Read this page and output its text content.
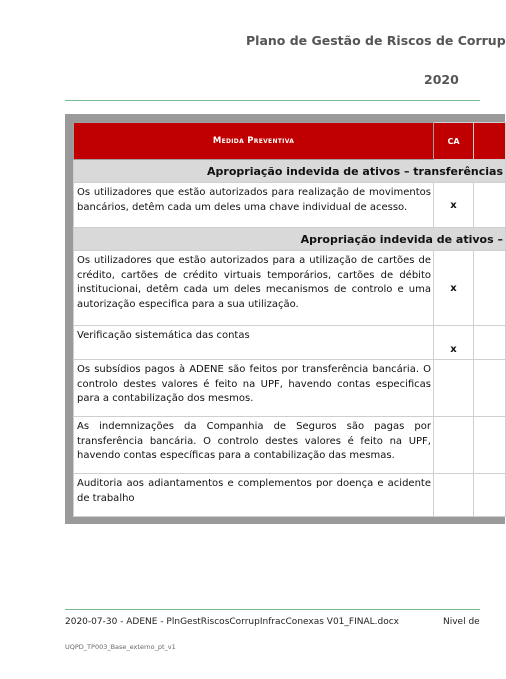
Plano de Gestão de Riscos de Corrup
2020
Medida Preventiva	CA	
Apropriação indevida de ativos – transferências		
Os utilizadores que estão autorizados para realização de movimentos bancários, detêm cada um deles uma chave individual de acesso.	x	
Apropriação indevida de ativos –		
Os utilizadores que estão autorizados para a utilização de cartões de crédito, cartões de crédito virtuais temporários, cartões de débito institucionai, detêm cada um deles mecanismos de controlo e uma autorização especifica para a sua utilização.	x	
Verificação sistemática das contas	x	
Os subsídios pagos à ADENE são feitos por transferência bancária. O controlo destes valores é feito na UPF, havendo contas especificas para a contabilização dos mesmos.		
As indemnizações da Companhia de Seguros são pagas por transferência bancária. O controlo destes valores é feito na UPF, havendo contas específicas para a contabilização das mesmas.		
Auditoria aos adiantamentos e complementos por doença e acidente de trabalho		
2020-07-30 - ADENE - PlnGestRiscosCorrupInfracConexas V01_FINAL.docx	Nivel de
UQPD_TP003_Base_externo_pt_v1
